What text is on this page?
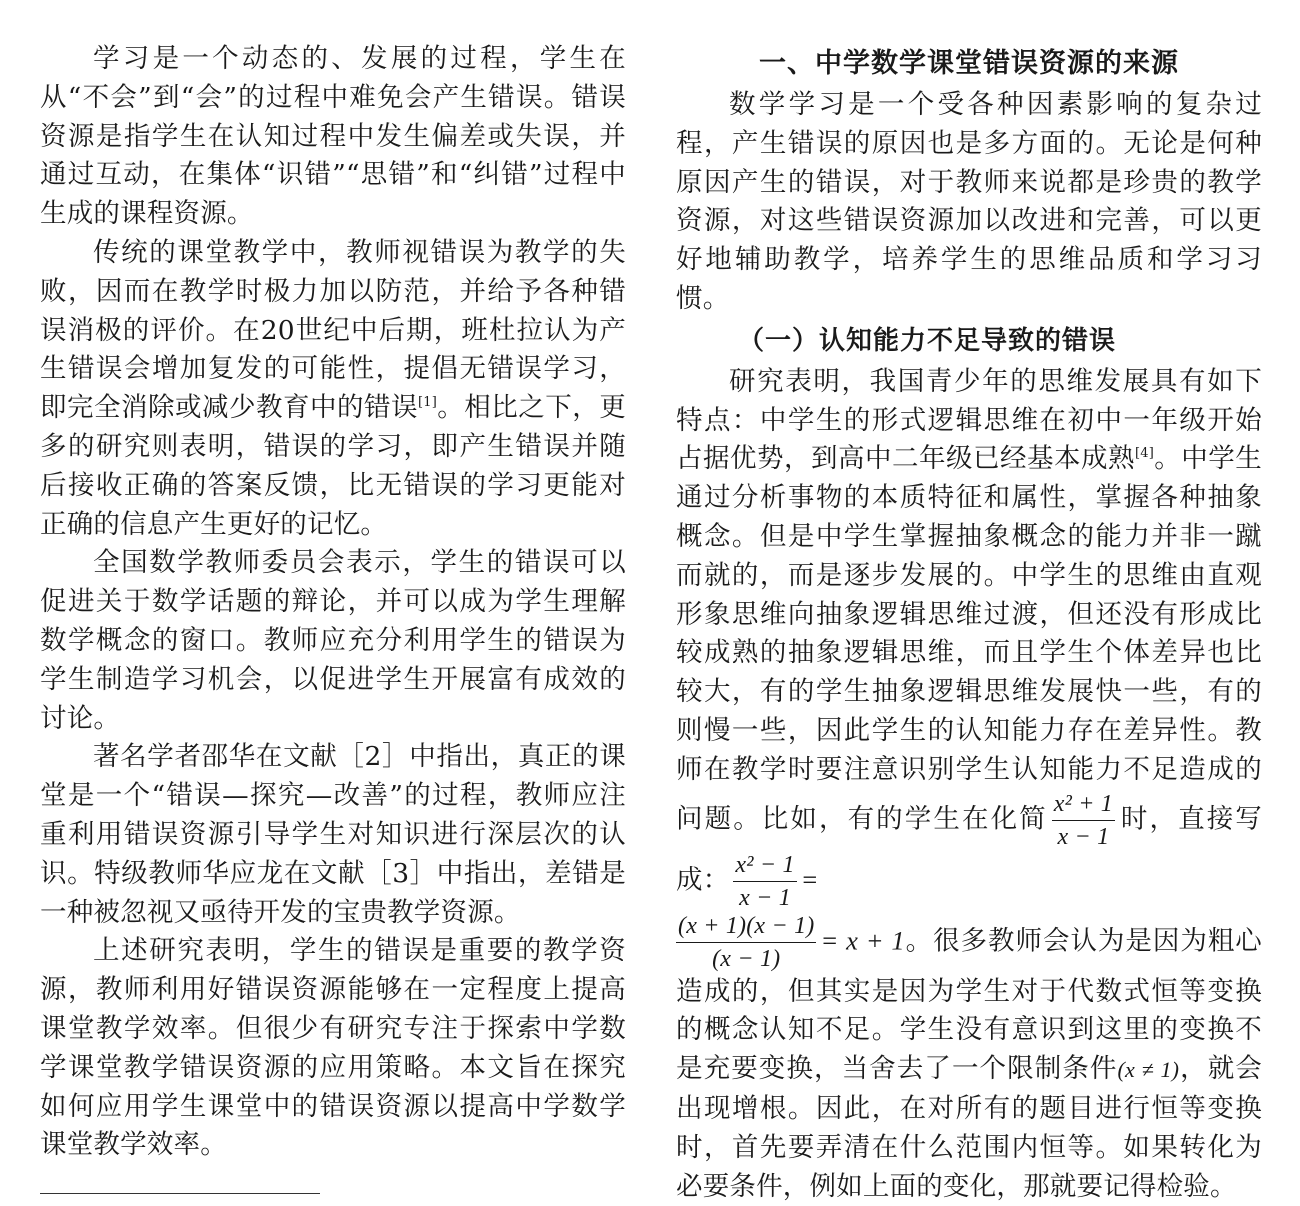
学习是一个动态的、发展的过程，学生在从“不会”到“会”的过程中难免会产生错误。错误资源是指学生在认知过程中发生偏差或失误，并通过互动，在集体“识错”“思错”和“纠错”过程中生成的课程资源。

传统的课堂教学中，教师视错误为教学的失败，因而在教学时极力加以防范，并给予各种错误消极的评价。在20世纪中后期，班杜拉认为产生错误会增加复发的可能性，提倡无错误学习，即完全消除或减少教育中的错误[1]。相比之下，更多的研究则表明，错误的学习，即产生错误并随后接收正确的答案反馈，比无错误的学习更能对正确的信息产生更好的记忆。

全国数学教师委员会表示，学生的错误可以促进关于数学话题的辩论，并可以成为学生理解数学概念的窗口。教师应充分利用学生的错误为学生制造学习机会，以促进学生开展富有成效的讨论。

著名学者邵华在文献［2］中指出，真正的课堂是一个“错误—探究—改善”的过程，教师应注重利用错误资源引导学生对知识进行深层次的认识。特级教师华应龙在文献［3］中指出，差错是一种被忽视又亟待开发的宝贵教学资源。

上述研究表明，学生的错误是重要的教学资源，教师利用好错误资源能够在一定程度上提高课堂教学效率。但很少有研究专注于探索中学数学课堂教学错误资源的应用策略。本文旨在探究如何应用学生课堂中的错误资源以提高中学数学课堂教学效率。

一、中学数学课堂错误资源的来源

数学学习是一个受各种因素影响的复杂过程，产生错误的原因也是多方面的。无论是何种原因产生的错误，对于教师来说都是珍贵的教学资源，对这些错误资源加以改进和完善，可以更好地辅助教学，培养学生的思维品质和学习习惯。

（一）认知能力不足导致的错误

研究表明，我国青少年的思维发展具有如下特点：中学生的形式逻辑思维在初中一年级开始占据优势，到高中二年级已经基本成熟[4]。中学生通过分析事物的本质特征和属性，掌握各种抽象概念。但是中学生掌握抽象概念的能力并非一蹴而就的，而是逐步发展的。中学生的思维由直观形象思维向抽象逻辑思维过渡，但还没有形成比较成熟的抽象逻辑思维，而且学生个体差异也比较大，有的学生抽象逻辑思维发展快一些，有的则慢一些，因此学生的认知能力存在差异性。教师在教学时要注意识别学生认知能力不足造成的问题。比如，有的学生在化简 $\frac{\text{x² + 1}}{x - 1}$ 时，直接写成： $\frac{\text{x² − 1}}{x - 1}$ =

$\frac{(x + 1)(x - 1)}{(x - 1)} = x + 1$。很多教师会认为是因为粗心造成的，但其实是因为学生对于代数式恒等变换的概念认知不足。学生没有意识到这里的变换不是充要变换，当舍去了一个限制条件(x ≠ 1)，就会出现增根。因此，在对所有的题目进行恒等变换时，首先要弄清在什么范围内恒等。如果转化为必要条件，例如上面的变化，那就要记得检验。
